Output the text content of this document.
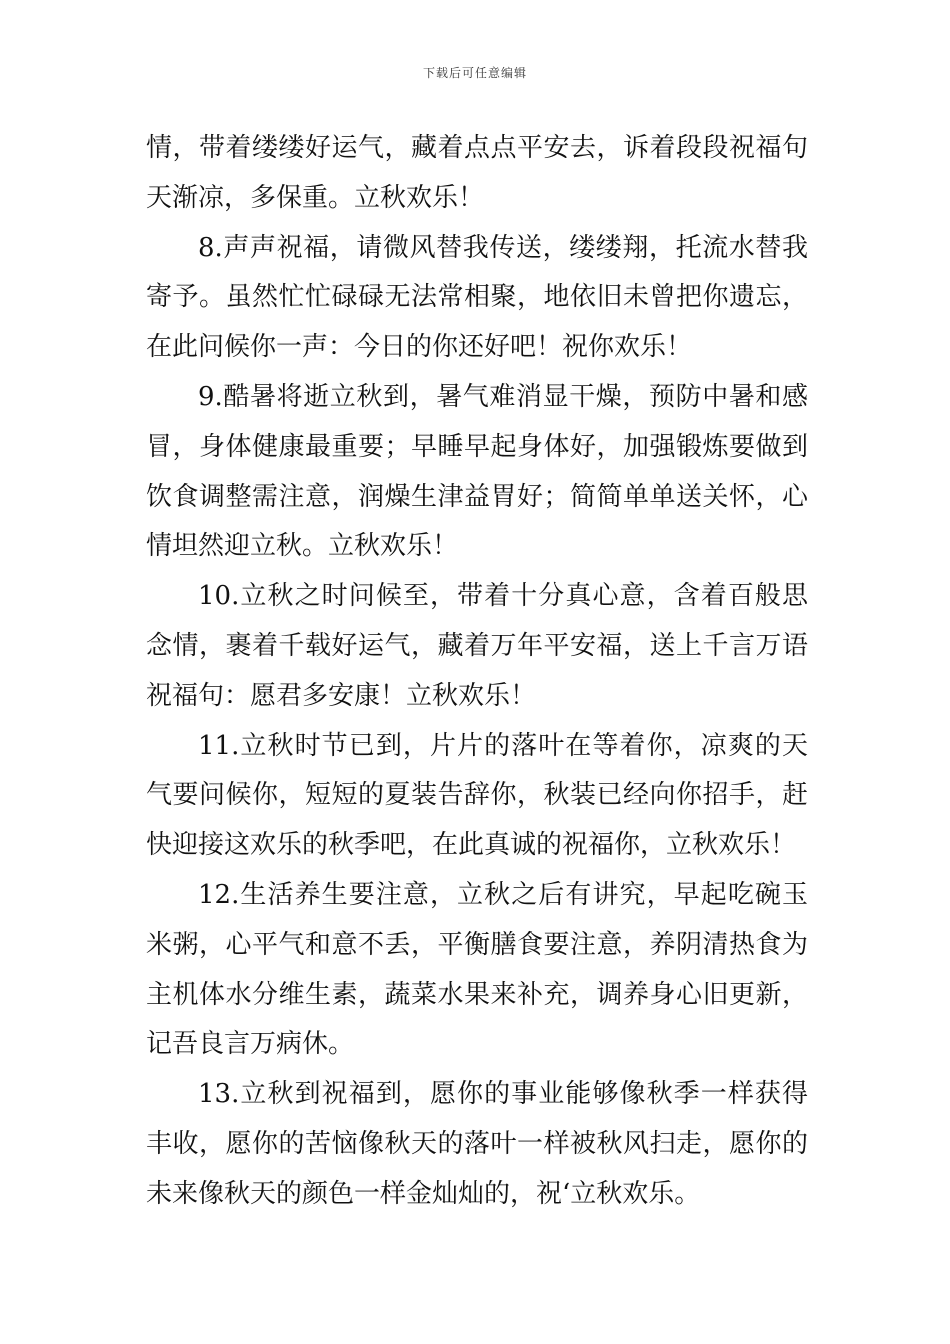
下载后可任意编辑

情，带着缕缕好运气，藏着点点平安去，诉着段段祝福句天渐凉，多保重。立秋欢乐！

8.声声祝福，请微风替我传送，缕缕翔，托流水替我寄予。虽然忙忙碌碌无法常相聚，地依旧未曾把你遗忘，在此问候你一声：今日的你还好吧！祝你欢乐！

9.酷暑将逝立秋到，暑气难消显干燥，预防中暑和感冒，身体健康最重要；早睡早起身体好，加强锻炼要做到饮食调整需注意，润燥生津益胃好；简简单单送关怀，心情坦然迎立秋。立秋欢乐！

10.立秋之时问候至，带着十分真心意，含着百般思念情，裹着千载好运气，藏着万年平安福，送上千言万语祝福句：愿君多安康！立秋欢乐！

11.立秋时节已到，片片的落叶在等着你，凉爽的天气要问候你，短短的夏装告辞你，秋装已经向你招手，赶快迎接这欢乐的秋季吧，在此真诚的祝福你，立秋欢乐！

12.生活养生要注意，立秋之后有讲究，早起吃碗玉米粥，心平气和意不丢，平衡膳食要注意，养阴清热食为主机体水分维生素，蔬菜水果来补充，调养身心旧更新，记吾良言万病休。

13.立秋到祝福到，愿你的事业能够像秋季一样获得丰收，愿你的苦恼像秋天的落叶一样被秋风扫走，愿你的未来像秋天的颜色一样金灿灿的，祝‘立秋欢乐。
